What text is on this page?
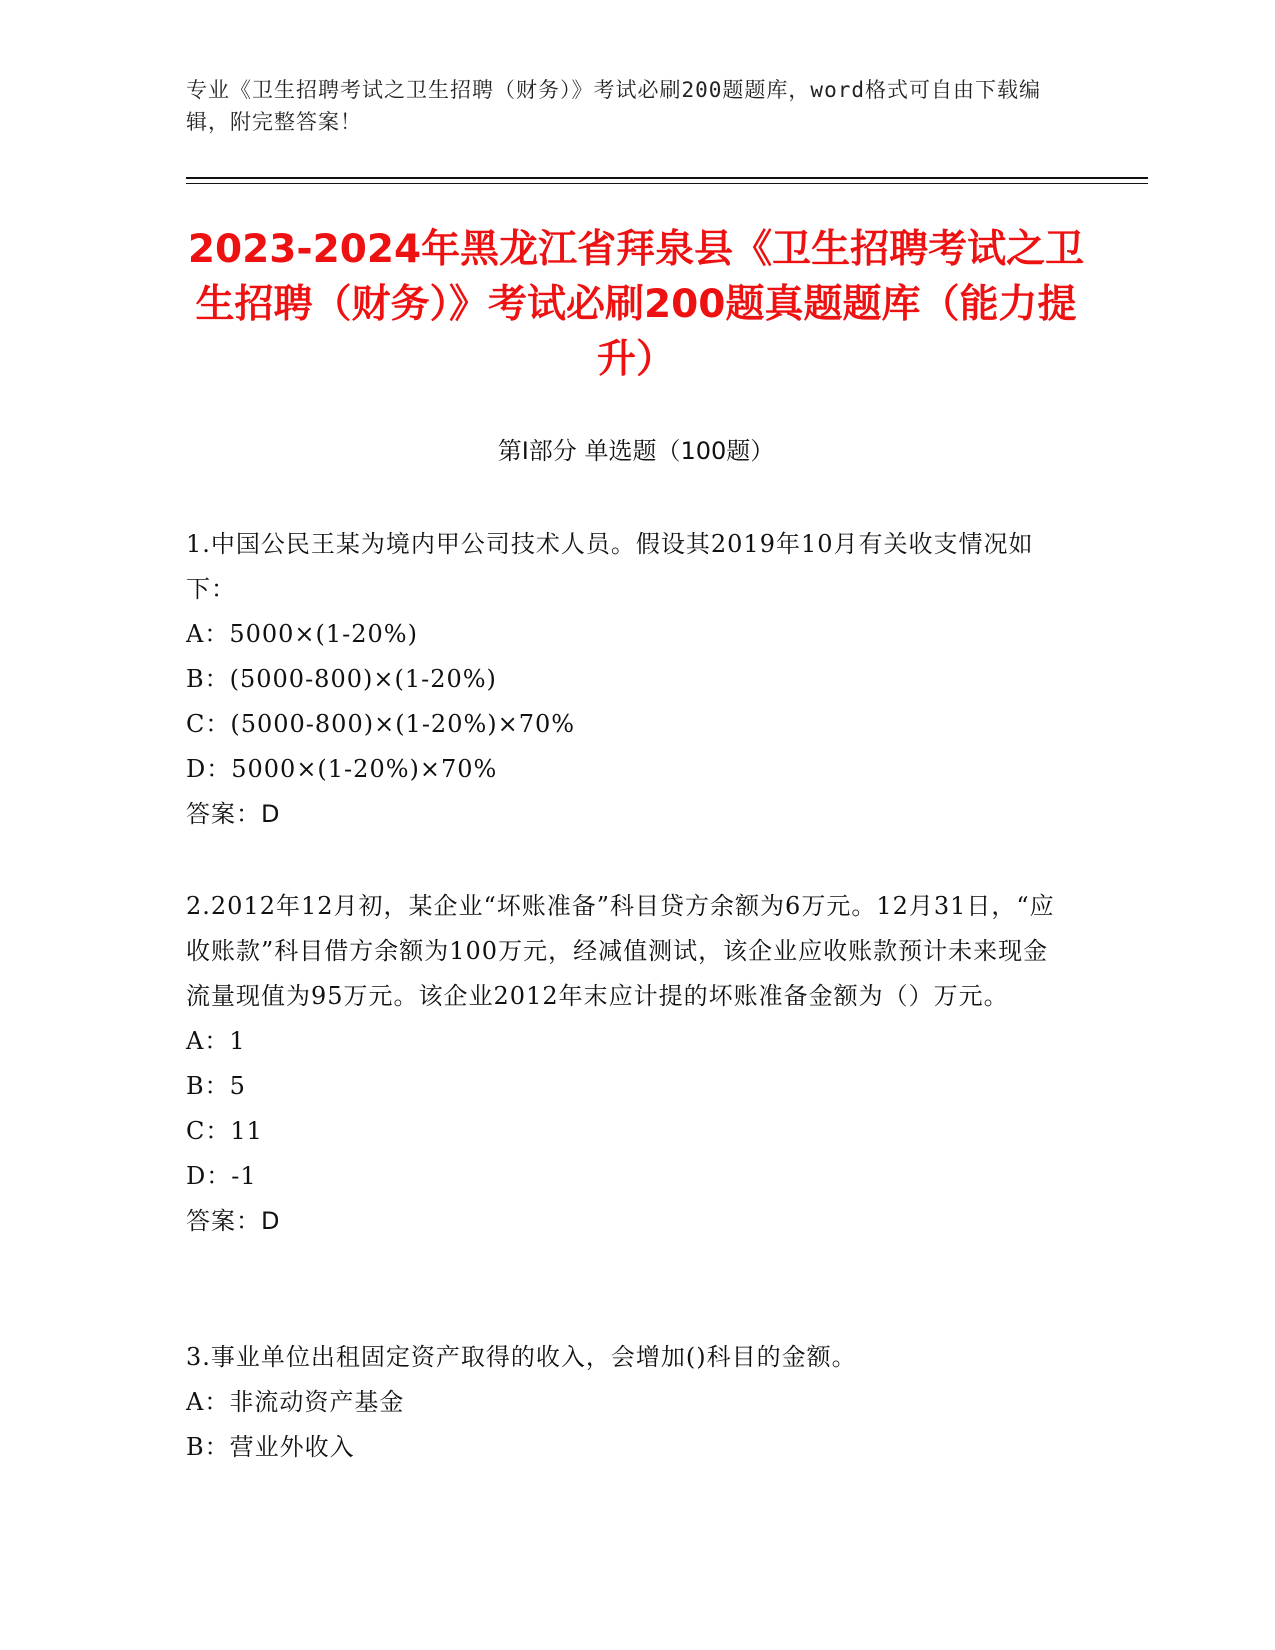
专业《卫生招聘考试之卫生招聘（财务）》考试必刷200题题库，word格式可自由下载编辑，附完整答案！
2023-2024年黑龙江省拜泉县《卫生招聘考试之卫生招聘（财务）》考试必刷200题真题题库（能力提升）
第Ⅰ部分 单选题（100题）
1.中国公民王某为境内甲公司技术人员。假设其2019年10月有关收支情况如下：
A：5000×(1-20%)
B：(5000-800)×(1-20%)
C：(5000-800)×(1-20%)×70%
D：5000×(1-20%)×70%
答案：D
2.2012年12月初，某企业“坏账准备”科目贷方余额为6万元。12月31日，“应收账款”科目借方余额为100万元，经减值测试，该企业应收账款预计未来现金流量现值为95万元。该企业2012年末应计提的坏账准备金额为（）万元。
A：1
B：5
C：11
D：-1
答案：D
3.事业单位出租固定资产取得的收入，会增加()科目的金额。
A：非流动资产基金
B：营业外收入
